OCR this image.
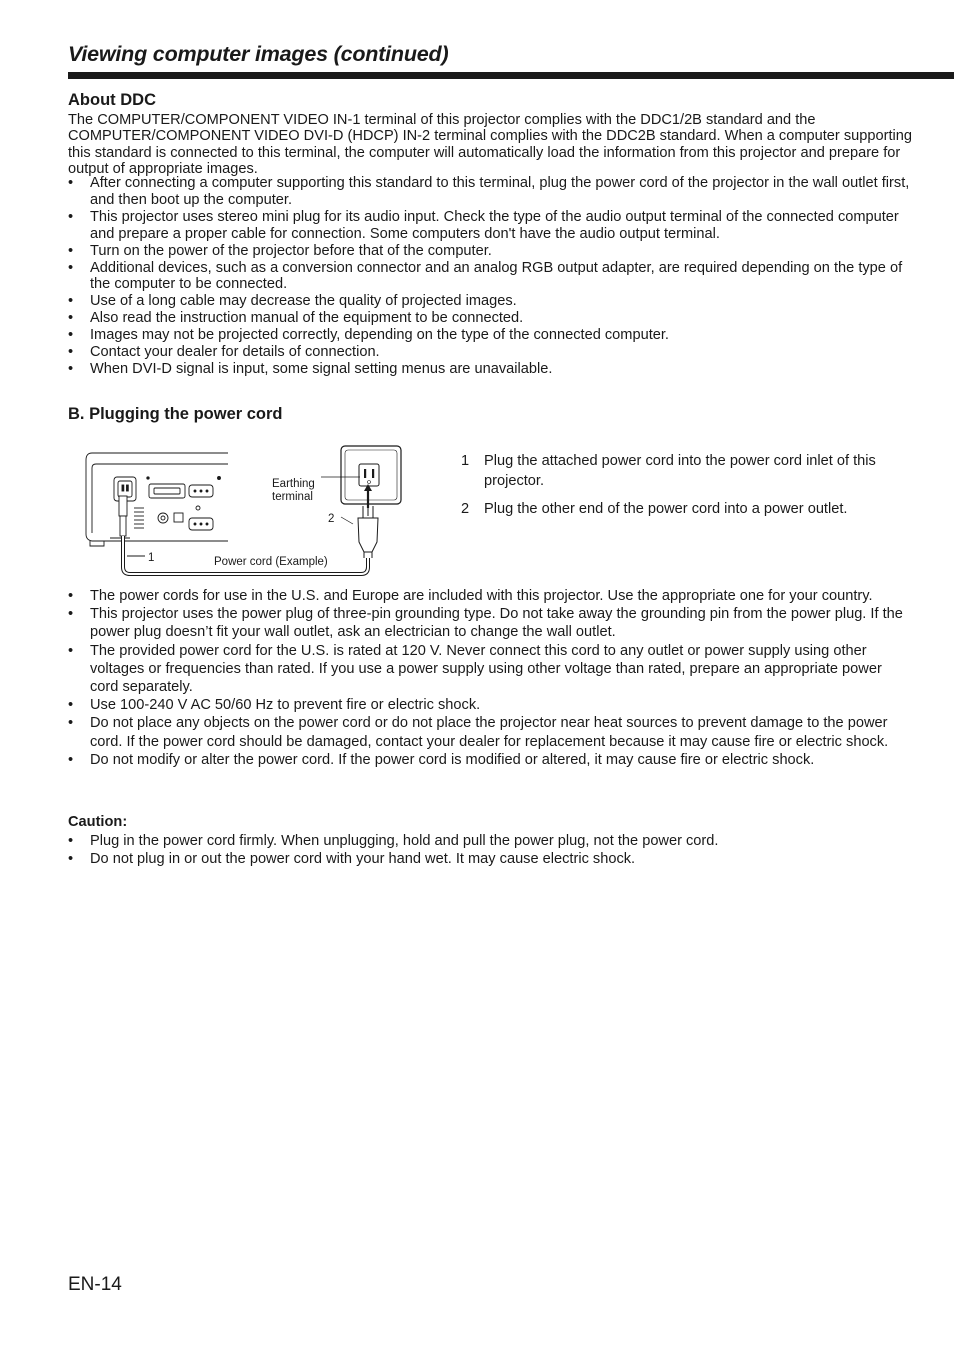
Viewing computer images (continued)
About DDC

The COMPUTER/COMPONENT VIDEO IN-1 terminal of this projector complies with the DDC1/2B standard and the COMPUTER/COMPONENT VIDEO DVI-D (HDCP) IN-2 terminal complies with the DDC2B standard. When a computer supporting this standard is connected to this terminal, the computer will automatically load the information from this projector and prepare for output of appropriate images.

• After connecting a computer supporting this standard to this terminal, plug the power cord of the projector in the wall outlet first, and then boot up the computer.
• This projector uses stereo mini plug for its audio input. Check the type of the audio output terminal of the connected computer and prepare a proper cable for connection. Some computers don't have the audio output terminal.
• Turn on the power of the projector before that of the computer.
• Additional devices, such as a conversion connector and an analog RGB output adapter, are required depending on the type of the computer to be connected.
• Use of a long cable may decrease the quality of projected images.
• Also read the instruction manual of the equipment to be connected.
• Images may not be projected correctly, depending on the type of the connected computer.
• Contact your dealer for details of connection.
• When DVI-D signal is input, some signal setting menus are unavailable.
B. Plugging the power cord
Earthing
terminal
2
1	Power cord (Example)
1 Plug the attached power cord into the power cord inlet of this projector.
2 Plug the other end of the power cord into a power outlet.
• The power cords for use in the U.S. and Europe are included with this projector. Use the appropriate one for your country.
• This projector uses the power plug of three-pin grounding type. Do not take away the grounding pin from the power plug. If the power plug doesn’t fit your wall outlet, ask an electrician to change the wall outlet.
• The provided power cord for the U.S. is rated at 120 V. Never connect this cord to any outlet or power supply using other voltages or frequencies than rated. If you use a power supply using other voltage than rated, prepare an appropriate power cord separately.
• Use 100-240 V AC 50/60 Hz to prevent fire or electric shock.
• Do not place any objects on the power cord or do not place the projector near heat sources to prevent damage to the power cord. If the power cord should be damaged, contact your dealer for replacement because it may cause fire or electric shock.
• Do not modify or alter the power cord. If the power cord is modified or altered, it may cause fire or electric shock.

Caution:

• Plug in the power cord firmly. When unplugging, hold and pull the power plug, not the power cord.
• Do not plug in or out the power cord with your hand wet. It may cause electric shock.

EN-14
